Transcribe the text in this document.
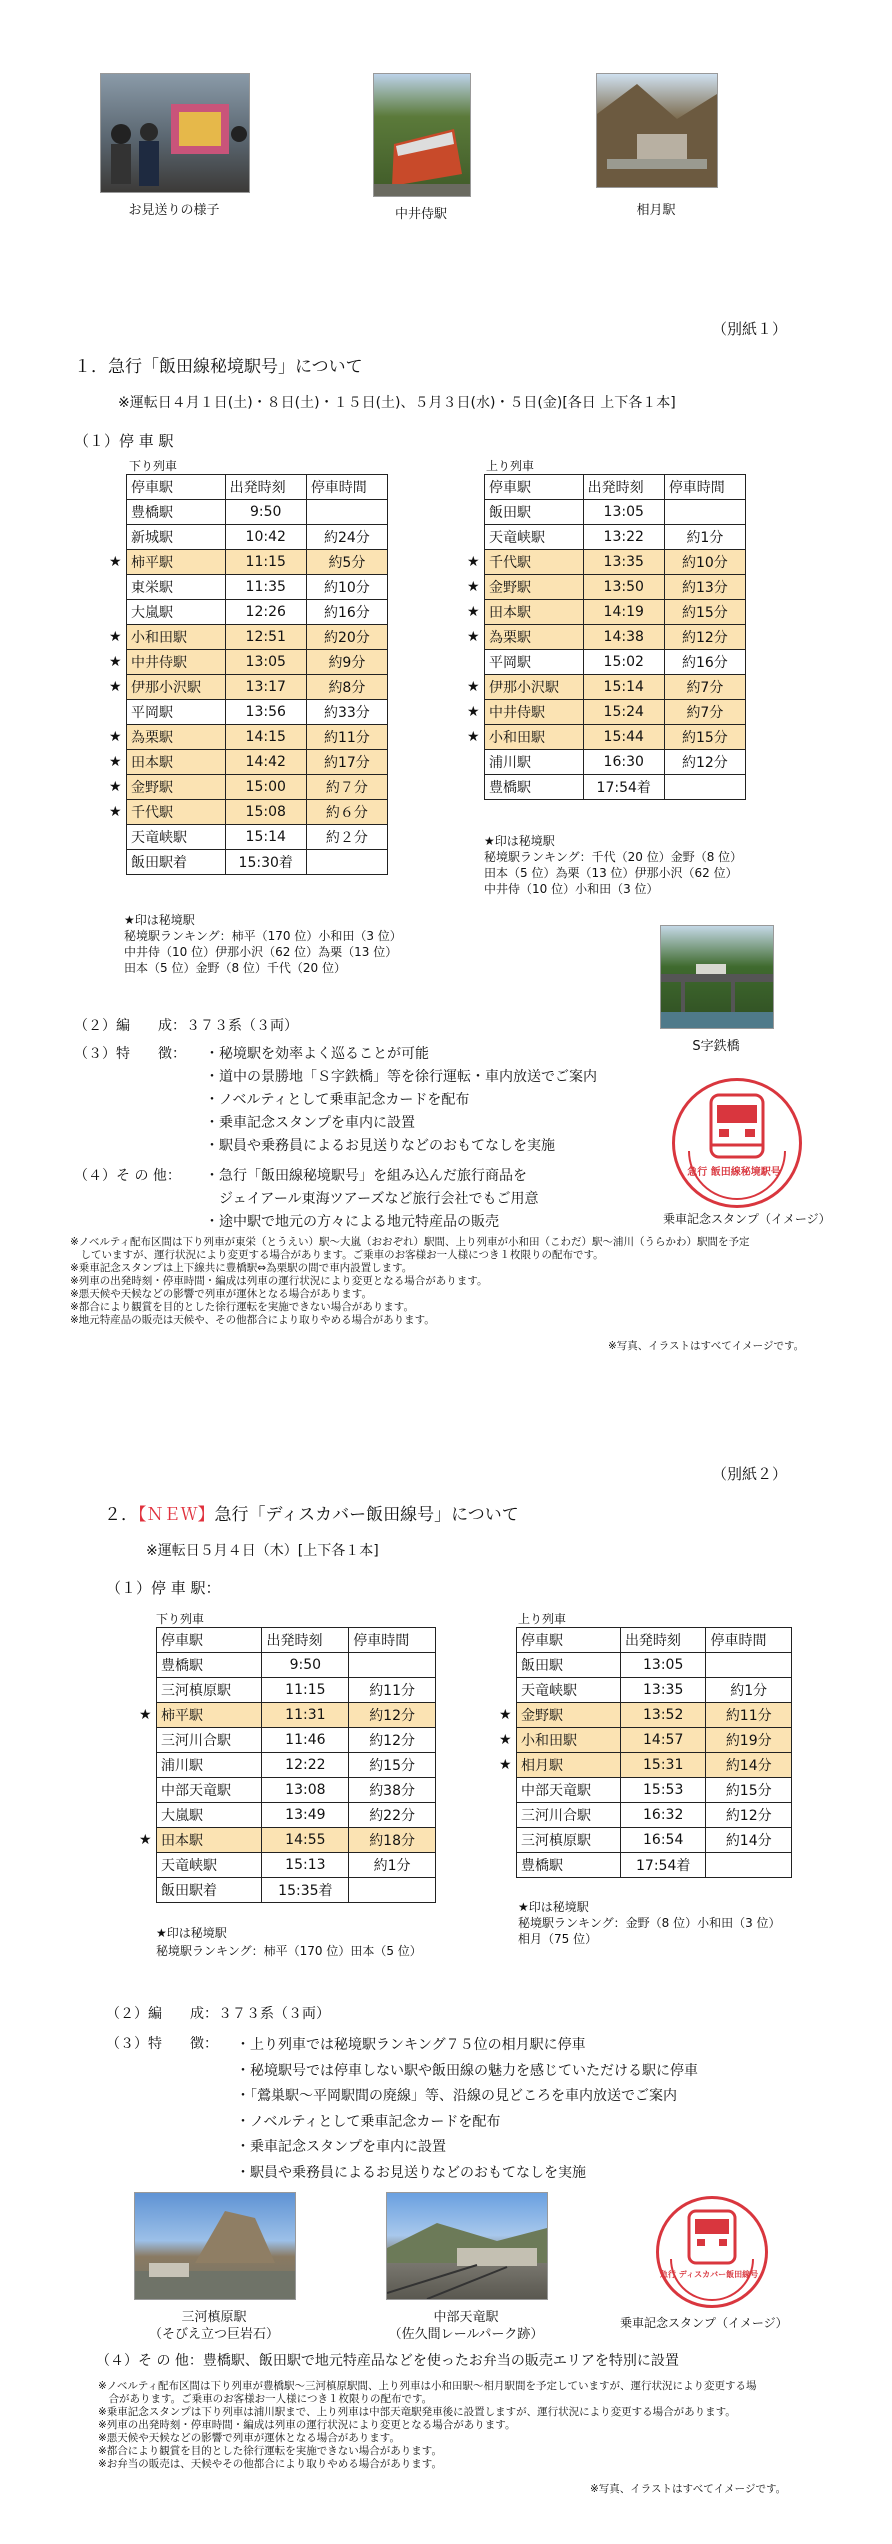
お見送りの様子	中井侍駅	相月駅
（別紙１）
１．急行「飯田線秘境駅号」について
※運転日４月１日(土)・８日(土)・１５日(土)、５月３日(水)・５日(金)[各日 上下各１本]
（１）停 車 駅
下り列車
停車駅	出発時刻	停車時間
豊橋駅	9:50	
新城駅	10:42	約24分
柿平駅	11:15	約5分
東栄駅	11:35	約10分
大嵐駅	12:26	約16分
小和田駅	12:51	約20分
中井侍駅	13:05	約9分
伊那小沢駅	13:17	約8分
平岡駅	13:56	約33分
為栗駅	14:15	約11分
田本駅	14:42	約17分
金野駅	15:00	約７分
千代駅	15:08	約６分
天竜峡駅	15:14	約２分
飯田駅着	15:30着	
★印は秘境駅
秘境駅ランキング：柿平（170 位）小和田（3 位）
中井侍（10 位）伊那小沢（62 位）為栗（13 位）
田本（5 位）金野（8 位）千代（20 位）
上り列車
停車駅	出発時刻	停車時間
飯田駅	13:05	
天竜峡駅	13:22	約1分
千代駅	13:35	約10分
金野駅	13:50	約13分
田本駅	14:19	約15分
為栗駅	14:38	約12分
平岡駅	15:02	約16分
伊那小沢駅	15:14	約7分
中井侍駅	15:24	約7分
小和田駅	15:44	約15分
浦川駅	16:30	約12分
豊橋駅	17:54着	
★印は秘境駅
秘境駅ランキング：千代（20 位）金野（8 位）
田本（5 位）為栗（13 位）伊那小沢（62 位）
中井侍（10 位）小和田（3 位）
S字鉄橋
（２）編　　成：３７３系（３両）
（３）特　　徴： ・秘境駅を効率よく巡ることが可能
・道中の景勝地「Ｓ字鉄橋」等を徐行運転・車内放送でご案内
・ノベルティとして乗車記念カードを配布
・乗車記念スタンプを車内に設置
・駅員や乗務員によるお見送りなどのおもてなしを実施
（４）そ の 他： ・急行「飯田線秘境駅号」を組み込んだ旅行商品を
　ジェイアール東海ツアーズなど旅行会社でもご用意
・途中駅で地元の方々による地元特産品の販売
急行 飯田線秘境駅号
乗車記念スタンプ（イメージ）
※ノベルティ配布区間は下り列車が東栄（とうえい）駅～大嵐（おおぞれ）駅間、上り列車が小和田（こわだ）駅～浦川（うらかわ）駅間を予定
　していますが、運行状況により変更する場合があります。ご乗車のお客様お一人様につき１枚限りの配布です。
※乗車記念スタンプは上下線共に豊橋駅⇔為栗駅の間で車内設置します。
※列車の出発時刻・停車時間・編成は列車の運行状況により変更となる場合があります。
※悪天候や天候などの影響で列車が運休となる場合があります。
※都合により観賞を目的とした徐行運転を実施できない場合があります。
※地元特産品の販売は天候や、その他都合により取りやめる場合があります。
※写真、イラストはすべてイメージです。
（別紙２）
２．【ＮＥＷ】急行「ディスカバー飯田線号」について
※運転日５月４日（木）[上下各１本]
（１）停 車 駅：
下り列車
停車駅	出発時刻	停車時間
豊橋駅	9:50	
三河槙原駅	11:15	約11分
柿平駅	11:31	約12分
三河川合駅	11:46	約12分
浦川駅	12:22	約15分
中部天竜駅	13:08	約38分
大嵐駅	13:49	約22分
田本駅	14:55	約18分
天竜峡駅	15:13	約1分
飯田駅着	15:35着	
★印は秘境駅
秘境駅ランキング：柿平（170 位）田本（5 位）
上り列車
停車駅	出発時刻	停車時間
飯田駅	13:05	
天竜峡駅	13:35	約1分
金野駅	13:52	約11分
小和田駅	14:57	約19分
相月駅	15:31	約14分
中部天竜駅	15:53	約15分
三河川合駅	16:32	約12分
三河槙原駅	16:54	約14分
豊橋駅	17:54着	
★印は秘境駅
秘境駅ランキング：金野（8 位）小和田（3 位）
相月（75 位）
（２）編　　成：３７３系（３両）
（３）特　　徴： ・上り列車では秘境駅ランキング７５位の相月駅に停車
・秘境駅号では停車しない駅や飯田線の魅力を感じていただける駅に停車
・「鶯巣駅～平岡駅間の廃線」等、沿線の見どころを車内放送でご案内
・ノベルティとして乗車記念カードを配布
・乗車記念スタンプを車内に設置
・駅員や乗務員によるお見送りなどのおもてなしを実施
三河槙原駅
（そびえ立つ巨岩石）
中部天竜駅
（佐久間レールパーク跡）
急行 ディスカバー飯田線号
乗車記念スタンプ（イメージ）
（４）そ の 他：豊橋駅、飯田駅で地元特産品などを使ったお弁当の販売エリアを特別に設置
※ノベルティ配布区間は下り列車が豊橋駅～三河槙原駅間、上り列車は小和田駅～相月駅間を予定していますが、運行状況により変更する場
　合があります。ご乗車のお客様お一人様につき１枚限りの配布です。
※乗車記念スタンプは下り列車は浦川駅まで、上り列車は中部天竜駅発車後に設置しますが、運行状況により変更する場合があります。
※列車の出発時刻・停車時間・編成は列車の運行状況により変更となる場合があります。
※悪天候や天候などの影響で列車が運休となる場合があります。
※都合により観賞を目的とした徐行運転を実施できない場合があります。
※お弁当の販売は、天候やその他都合により取りやめる場合があります。
※写真、イラストはすべてイメージです。
★
★
★
★
★
★
★
★
★
★
★
★
★
★
★
★
★
★
★
★
